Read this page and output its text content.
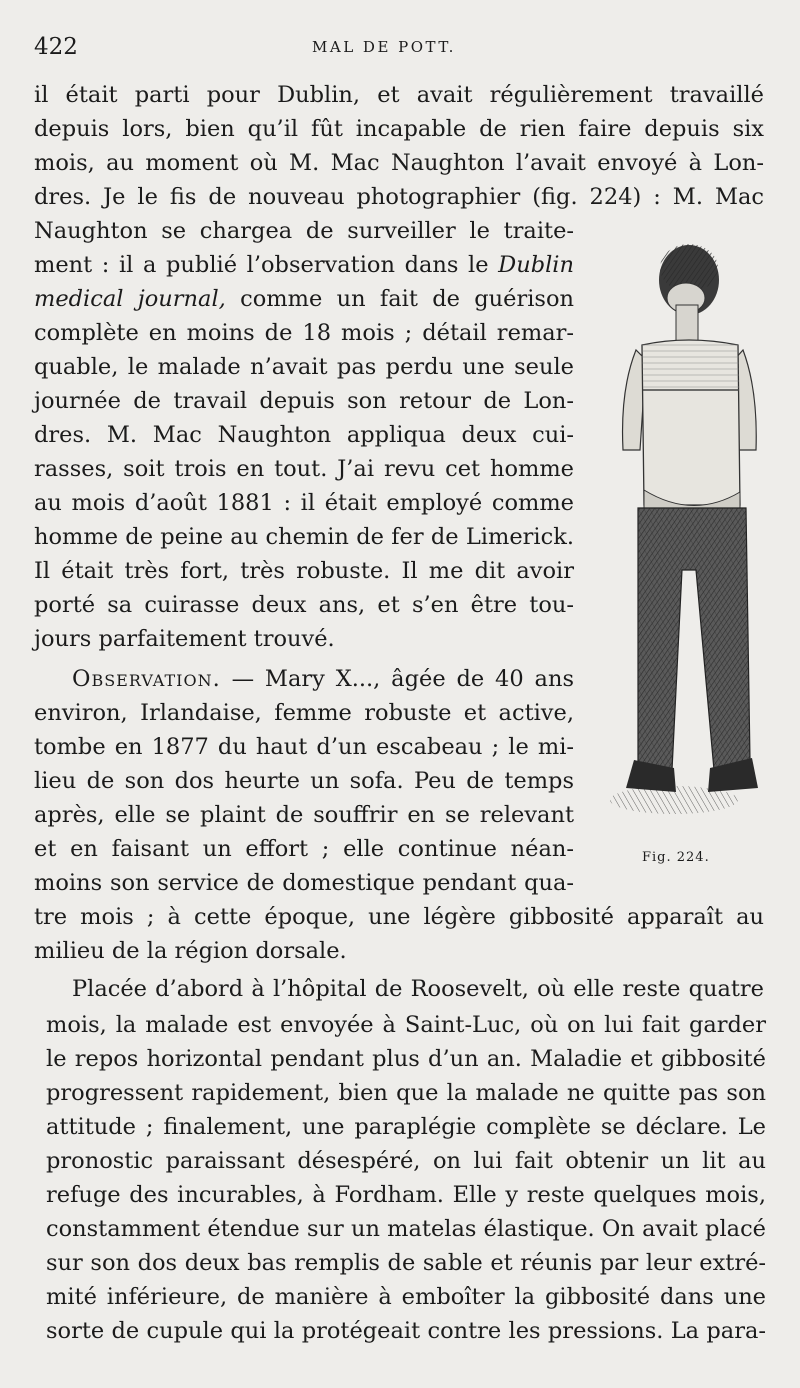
422	MAL DE POTT.
il était parti pour Dublin, et avait régulièrement travaillé
depuis lors, bien qu’il fût incapable de rien faire depuis six
mois, au moment où M. Mac Naughton l’avait envoyé à Lon-
dres. Je le fis de nouveau photographier (fig. 224) : M. Mac
Naughton se chargea de surveiller le traite-
ment : il a publié l’observation dans le Dublin
medical journal, comme un fait de guérison
complète en moins de 18 mois ; détail remar-
quable, le malade n’avait pas perdu une seule
journée de travail depuis son retour de Lon-
dres. M. Mac Naughton appliqua deux cui-
rasses, soit trois en tout. J’ai revu cet homme
au mois d’août 1881 : il était employé comme
homme de peine au chemin de fer de Limerick.
Il était très fort, très robuste. Il me dit avoir
porté sa cuirasse deux ans, et s’en être tou-
jours parfaitement trouvé.
Observation. — Mary X..., âgée de 40 ans
environ, Irlandaise, femme robuste et active,
tombe en 1877 du haut d’un escabeau ; le mi-
lieu de son dos heurte un sofa. Peu de temps
après, elle se plaint de souffrir en se relevant
et en faisant un effort ; elle continue néan-
moins son service de domestique pendant qua-
tre mois ; à cette époque, une légère gibbosité apparaît au
milieu de la région dorsale.
Placée d’abord à l’hôpital de Roosevelt, où elle reste quatre
mois, la malade est envoyée à Saint-Luc, où on lui fait garder
le repos horizontal pendant plus d’un an. Maladie et gibbosité
progressent rapidement, bien que la malade ne quitte pas son
attitude ; finalement, une paraplégie complète se déclare. Le
pronostic paraissant désespéré, on lui fait obtenir un lit au
refuge des incurables, à Fordham. Elle y reste quelques mois,
constamment étendue sur un matelas élastique. On avait placé
sur son dos deux bas remplis de sable et réunis par leur extré-
mité inférieure, de manière à emboîter la gibbosité dans une
sorte de cupule qui la protégeait contre les pressions. La para-
Fig. 224.
